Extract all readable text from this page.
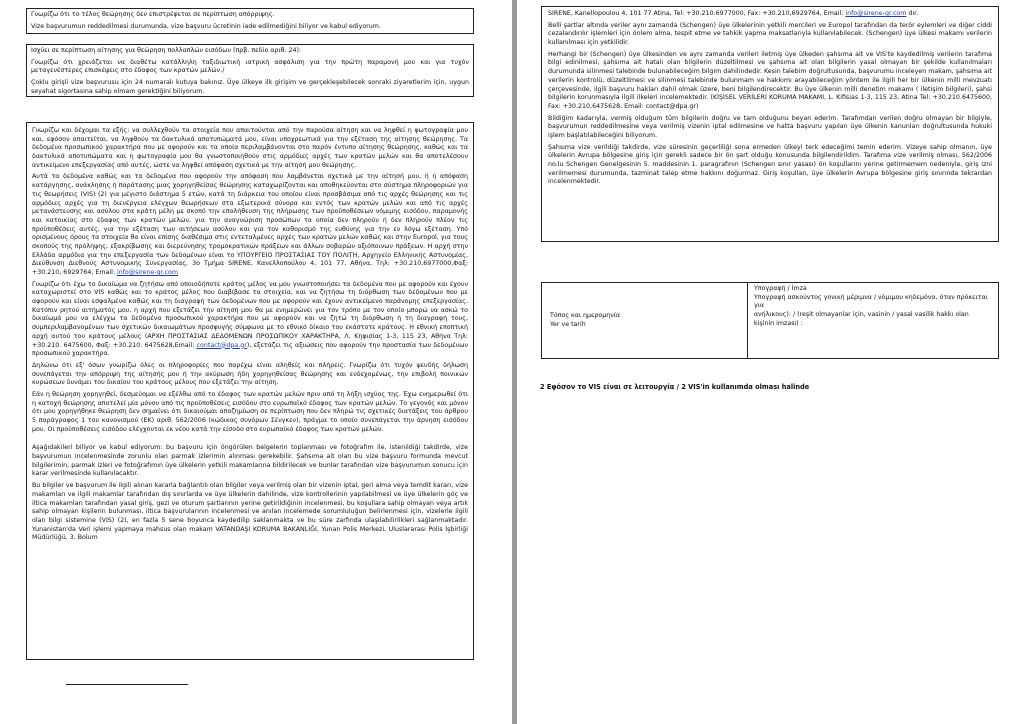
Γνωρίζω ότι το τέλος θεώρησης δεν επιστρέφεται σε περίπτωση απόρριψης.

Vize başvurumun reddedilmesi durumunda, vize başvuru ücretinin iade edilmediğini biliyor ve kabul ediyorum.

Ισχύει σε περίπτωση αίτησης για θεώρηση πολλαπλών εισόδων (πρβ. πεδίο αριθ. 24):

Γνωρίζω ότι χρειάζεται να διαθέτω κατάλληλη ταξιδιωτική ιατρική ασφάλιση για την πρώτη παραμονή μου και για τυχόν μεταγενέστερες επισκέψεις στο έδαφος των κρατών μελών./

Çoklu girişli vize başvurusu için 24 numaralı kutuya bakınız. Üye ülkeye ilk girişim ve gerçekleşebilecek sonraki ziyaretlerim için, uygun seyahat sigortasına sahip olmam gerektiğini biliyorum.

Γνωρίζω και δέχομαι τα εξής: να συλλεχθούν τα στοιχεία που απαιτούνται από την παρούσα αίτηση και να ληφθεί η φωτογραφία μου και, εφόσον απαιτείται, να ληφθούν τα δακτυλικά αποτυπώματά μου, είναι υποχρεωτικά για την εξέταση της αίτησης θεώρησης. Τα δεδομένα προσωπικού χαρακτήρα που με αφορούν και τα οποία περιλαμβάνονται στο παρόν έντυπο αίτησης θεώρησης, καθώς και τα δακτυλικά αποτυπώματα και η φωτογραφία μου θα γνωστοποιηθούν στις αρμόδιες αρχές των κρατών μελών και θα αποτελέσουν αντικείμενο επεξεργασίας από αυτές, ώστε να ληφθεί απόφαση σχετικά με την αίτησή μου θεώρησης.

Αυτά τα δεδομένα καθώς και τα δεδομένα που αφορούν την απόφαση που λαμβάνεται σχετικά με την αίτησή μου, ή η απόφαση κατάργησης, ανάκλησης ή παράτασης μιας χορηγηθείσας θεώρησης καταχωρίζονται και αποθηκεύονται στο σύστημα πληροφοριών για τις θεωρήσεις (VIS) (2) για μέγιστο διάστημα 5 ετών, κατά τη διάρκεια του οποίου είναι προσβάσιμα από τις αρχές θεώρησης και τις αρμόδιες αρχές για τη διενέργεια ελέγχων θεωρήσεων στα εξωτερικά σύνορα και εντός των κρατών μελών και από τις αρχές μετανάστευσης και ασύλου στα κράτη μέλη με σκοπό την επαλήθευση της πλήρωσης των προϋποθέσεων νόμιμης εισόδου, παραμονής και κατοικίας στο έδαφος των κρατών μελών, για την αναγνώριση προσώπων τα οποία δεν πληρούν ή δεν πληρούν πλέον τις προϋποθέσεις αυτές, για την εξέταση των αιτήσεων ασύλου και για τον καθορισμό της ευθύνης για την εν λόγω εξέταση. Υπό ορισμένους όρους τα στοιχεία θα είναι επίσης διαθέσιμα στις εντεταλμένες αρχές των κρατών μελών καθώς και στην Europol, για τους σκοπούς της πρόληψης, εξακρίβωσης και διερεύνησης τρομοκρατικών πράξεων και άλλων σοβαρών αξιόποινων πράξεων. Η αρχή στην Ελλάδα αρμόδια για την επεξεργασία των δεδομένων είναι το ΥΠΟΥΡΓΕΙΟ ΠΡΟΣΤΑΣΙΑΣ ΤΟΥ ΠΟΛΙΤΗ, Αρχηγείο Ελληνικής Αστυνομίας, Διεύθυνση Διεθνούς Αστυνομικής Συνεργασίας, 3ο Τμήμα SIRENE, Κανελλοπούλου 4, 101 77, Αθήνα, Τηλ: +30.210,6977000,Φαξ: +30.210, 6929764, Email: info@sirene-gr.com

Γνωρίζω ότι έχω το δικαίωμα να ζητήσω από οποιοδήποτε κράτος μέλος να μου γνωστοποιήσει τα δεδομένα που με αφορούν και έχουν καταχωριστεί στο VIS καθώς και το κράτος μέλος που διαβίβασε τα στοιχεία, και να ζητήσω τη διόρθωση των δεδομένων που με αφορούν και είναι εσφαλμένα καθώς και τη διαγραφή των δεδομένων που με αφορούν και έχουν αντικείμενο παράνομης επεξεργασίας. Κατόπιν ρητού αιτήματός μου, η αρχή που εξετάζει την αίτησή μου θα με ενημερώνει για τον τρόπο με τον οποίο μπορώ να ασκώ το δικαίωμά μου να ελέγχω τα δεδομένα προσωπικού χαρακτήρα που με αφορούν και να ζητώ τη διόρθωση ή τη διαγραφή τους, συμπεριλαμβανομένων των σχετικών δικαιωμάτων προσφυγής σύμφωνα με το εθνικό δίκαιο του εκάστοτε κράτους. Η εθνική εποπτική αρχή αυτού του κράτους μέλους (ΑΡΧΗ ΠΡΟΣΤΑΣΙΑΣ ΔΕΔΟΜΕΝΩΝ ΠΡΟΣΩΠΙΚΟΥ ΧΑΡΑΚΤΗΡΑ, Λ. Κηφισίας 1-3, 115 23, Αθήνα Τηλ: +30.210. 6475600, Φαξ: +30.210. 6475628,Email: contact@dpa.gr), εξετάζει τις αξιώσεις που αφορούν την προστασία των δεδομένων προσωπικού χαρακτήρα.

Δηλώνω ότι εξ' όσων γνωρίζω όλες οι πληροφορίες που παρέχω είναι αληθείς και πλήρεις. Γνωρίζω ότι τυχόν ψευδής δήλωση συνεπάγεται την απόρριψη της αίτησής μου ή την ακύρωση ήδη χορηγηθείσας θεώρησης και ενδεχομένως, την επιβολή ποινικών κυρώσεων δυνάμει του δικαίου του κράτους μέλους που εξετάζει την αίτηση.

Εάν η θεώρηση χορηγηθεί, δεσμεύομαι να εξέλθω από το έδαφος των κρατών μελών πριν από τη λήξη ισχύος της. Έχω ενημερωθεί ότι η κατοχή θεώρησης αποτελεί μία μόνον από τις προϋποθέσεις εισόδου στο ευρωπαϊκό έδαφος των κρατών μελών. Το γεγονός και μόνον ότι μου χορηγήθηκε θεώρηση δεν σημαίνει ότι δικαιούμαι αποζημίωση σε περίπτωση που δεν πληρώ τις σχετικές διατάξεις του άρθρου 5 παράγραφος 1 του κανονισμού (ΕΚ) αριθ. 562/2006 (κώδικας συνόρων Σένγκεν), πράγμα το οποίο συνεπάγεται την άρνηση εισόδου μου. Οι προϋποθέσεις εισόδου ελέγχονται εκ νέου κατά την είσοδο στο ευρωπαϊκό έδαφος των κρατών μελών.

Aşağıdakileri biliyor ve kabul ediyorum: bu başvuru için öngörülen belgelerin toplanması ve fotoğrafım ile, istenildiği takdirde, vize başvurumun incelenmesinde zorunlu olan parmak izlerimin alınması gerekebilir. Şahsıma ait olan bu vize başvuru formunda mevcut bilgilerimin, parmak izleri ve fotoğrafımın üye ülkelerin yetkili makamlarına bildirilecek ve bunlar tarafından vize başvurumun sonucu için karar verilmesinde kullanılacaktır.

Bu bilgiler ve başvurum ile ilgili alınan kararla bağlantılı olan bilgiler veya verilmiş olan bir vizenin iptal, geri alma veya temdit kararı, vize makamları ve ilgili makamlar tarafından dış sınırlarda ve üye ülkelerin dahilinde, vize kontrollerinin yapılabilmesi ve üye ülkelerin göç ve iltica makamları tarafından yasal giriş, gezi ve oturum şartlarının yerine getirildiğinin incelenmesi, bu koşullara sahip olmayan veya artık sahip olmayan kişilerin bulunması, iltica başvurularının incelenmesi ve anılan incelemede sorumluluğun belirlenmesi için, vizelerle ilgili olan bilgi sistemine (VIS) (2), en fazla 5 sene boyunca kaydedilip saklanmakta ve bu süre zarfında ulaşılabilirlikleri sağlanmaktadır. Yunanistan'da Veri işlemi yapmaya mahsus olan makam VATANDAŞI KORUMA BAKANLIĞI, Yunan Polis Merkezi, Uluslararası Polis İşbirliği Müdürlüğü, 3. Bolum

SIRENE, Kanellopoulou 4, 101 77 Atina, Tel: +30.210.6977000, Fax: +30.210,6929764, Email: info@sirene-gr.com dır.

Belli şartlar altında veriler aynı zamanda (Schengen) üye ülkelerinin yetkili mercileri ve Europol tarafından da terör eylemleri ve diğer ciddi cezalandırılır işlemleri için önlem alma, tespit etme ve tahkik yapma maksatlarıyla kullanılabilecek. (Schengen) üye ülkesi makamı verilerin kullanılması için yetkilidir.

Herhangi bir (Schengen) üye ülkesinden ve aynı zamanda verileri iletmiş üye ülkeden şahsıma ait ve VIS'te kaydedilmiş verilerin tarafıma bilgi edinilmesi, şahsıma ait hatalı olan bilgilerin düzeltilmesi ve şahsıma ait olan bilgilerin yasal olmayan bir şekilde kullanılmaları durumunda silinmesi talebinde bulunabileceğim bilgim dahilindedir. Kesin talebim doğrultusunda, başvurumu inceleyen makam, şahsıma ait verilerin kontrolü, düzeltilmesi ve silinmesi talebinde bulunmam ve hakkımı arayabileceğim yöntem ile ilgili her bir ülkenin milli mevzuatı çerçevesinde, ilgili başvuru hakları dahil olmak üzere, beni bilgilendirecektir. Bu üye ülkenin milli denetim makamı ( iletişim bilgileri), şahsi bilgilerin korunmasıyla ilgili ilkeleri incelemektedir. (KİŞİSEL VERİLERİ KORUMA MAKAMI, L. Kifisias 1-3, 115 23, Atina Tel: +30.210.6475600, Fax: +30.210,6475628, Email: contact@dpa.gr)

Bildiğim kadarıyla, vermiş olduğum tüm bilgilerin doğru ve tam olduğunu beyan ederim. Tarafımdan verilen doğru olmayan bir bilgiyle, başvurumun reddedilmesine veya verilmiş vizenin iptal edilmesine ve hatta başvuru yapılan üye ülkenin kanunları doğrultusunda hukuki işlem başlatılabileceğini biliyorum.

Şahsıma vize verildiği takdirde, vize süresinin geçerliliği sona ermeden ülkeyi terk edeceğimi temin ederim. Vizeye sahip olmanın, üye ülkelerin Avrupa bölgesine giriş için gerekli sadece bir ön şart olduğu konusunda bilgilendirildim. Tarafıma vize verilmiş olması, 562/2006 no.lu Schengen Genelgesinin 5. maddesinin 1. paragrafının (Schengen sınır yasası) ön koşullarını yerine getirmemem nedeniyle, giriş izni verilmemesi durumunda, tazminat talep etme hakkını doğurmaz. Giriş koşulları, üye ülkelerin Avrupa bölgesine giriş sınırında tekrardan incelenmektedir.

Τόπος και ημερομηνία
Yer ve tarih
Υπογραφή / İmza
Υπογραφή ασκούντος γονική μέριμνα / νόμιμου κηδεμόνα, όταν πρόκειται για
ανήλικους): / (reşit olmayanlar için, vasinin / yasal vasilik hakkı olan
kişinin imzası) :
2 Εφόσον το VIS είναι σε λειτουργία / 2 VIS'in kullanımda olması halinde
